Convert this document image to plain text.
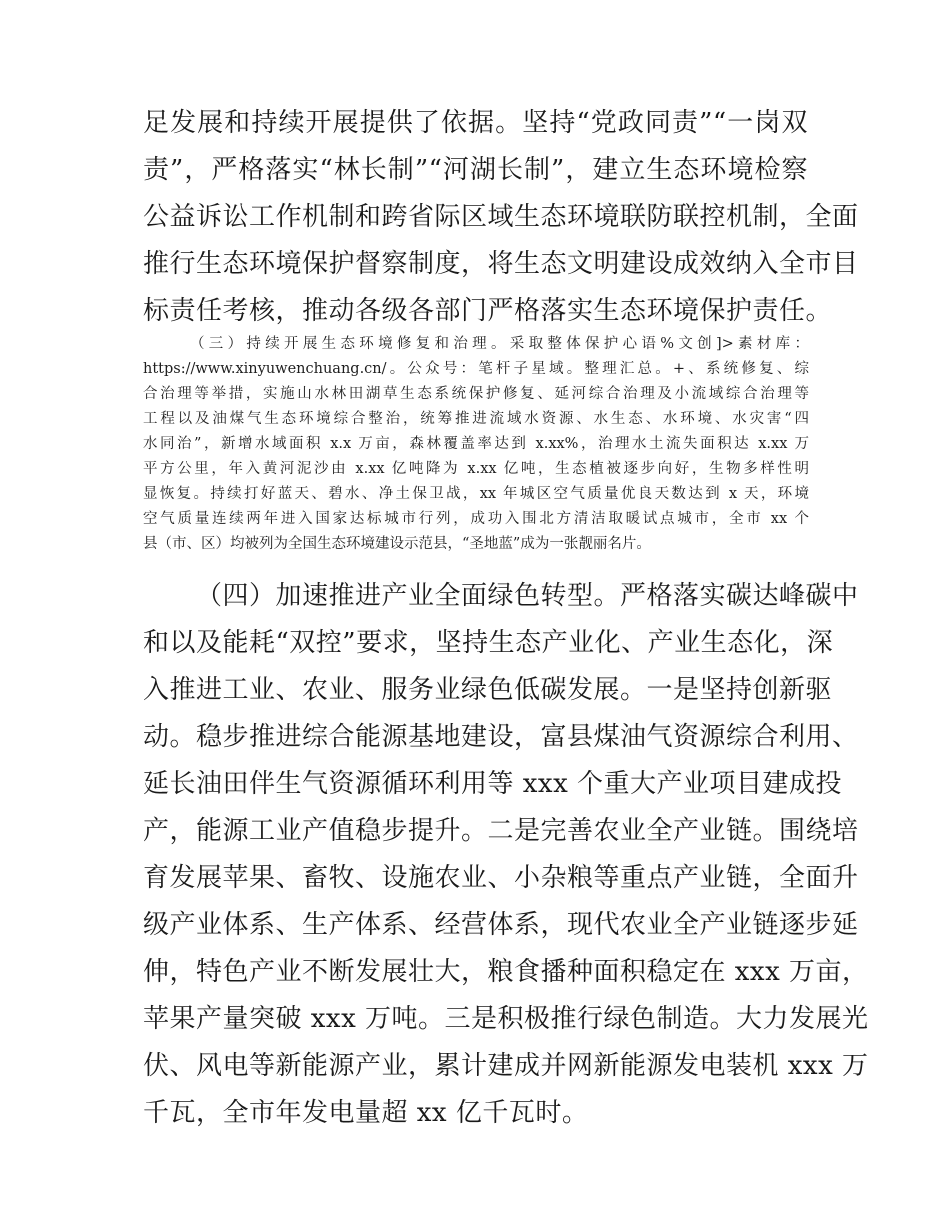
足发展和持续开展提供了依据。坚持“党政同责”“一岗双

责”，严格落实“林长制”“河湖长制”，建立生态环境检察

公益诉讼工作机制和跨省际区域生态环境联防联控机制，全面

推行生态环境保护督察制度，将生态文明建设成效纳入全市目

标责任考核，推动各级各部门严格落实生态环境保护责任。

（三）持续开展生态环境修复和治理。采取整体保护心语%文创]>素材库：

https://www.xinyuwenchuang.cn/。公众号：笔杆子星域。整理汇总。+、系统修复、综

合治理等举措，实施山水林田湖草生态系统保护修复、延河综合治理及小流域综合治理等

工程以及油煤气生态环境综合整治，统筹推进流域水资源、水生态、水环境、水灾害“四

水同治”，新增水域面积 x.x 万亩，森林覆盖率达到 x.xx%，治理水土流失面积达 x.xx 万

平方公里，年入黄河泥沙由 x.xx 亿吨降为 x.xx 亿吨，生态植被逐步向好，生物多样性明

显恢复。持续打好蓝天、碧水、净土保卫战，xx 年城区空气质量优良天数达到 x 天，环境

空气质量连续两年进入国家达标城市行列，成功入围北方清洁取暖试点城市，全市 xx 个

县（市、区）均被列为全国生态环境建设示范县，“圣地蓝”成为一张靓丽名片。

（四）加速推进产业全面绿色转型。严格落实碳达峰碳中

和以及能耗“双控”要求，坚持生态产业化、产业生态化，深

入推进工业、农业、服务业绿色低碳发展。一是坚持创新驱

动。稳步推进综合能源基地建设，富县煤油气资源综合利用、

延长油田伴生气资源循环利用等 xxx 个重大产业项目建成投

产，能源工业产值稳步提升。二是完善农业全产业链。围绕培

育发展苹果、畜牧、设施农业、小杂粮等重点产业链，全面升

级产业体系、生产体系、经营体系，现代农业全产业链逐步延

伸，特色产业不断发展壮大，粮食播种面积稳定在 xxx 万亩，

苹果产量突破 xxx 万吨。三是积极推行绿色制造。大力发展光

伏、风电等新能源产业，累计建成并网新能源发电装机 xxx 万

千瓦，全市年发电量超 xx 亿千瓦时。
